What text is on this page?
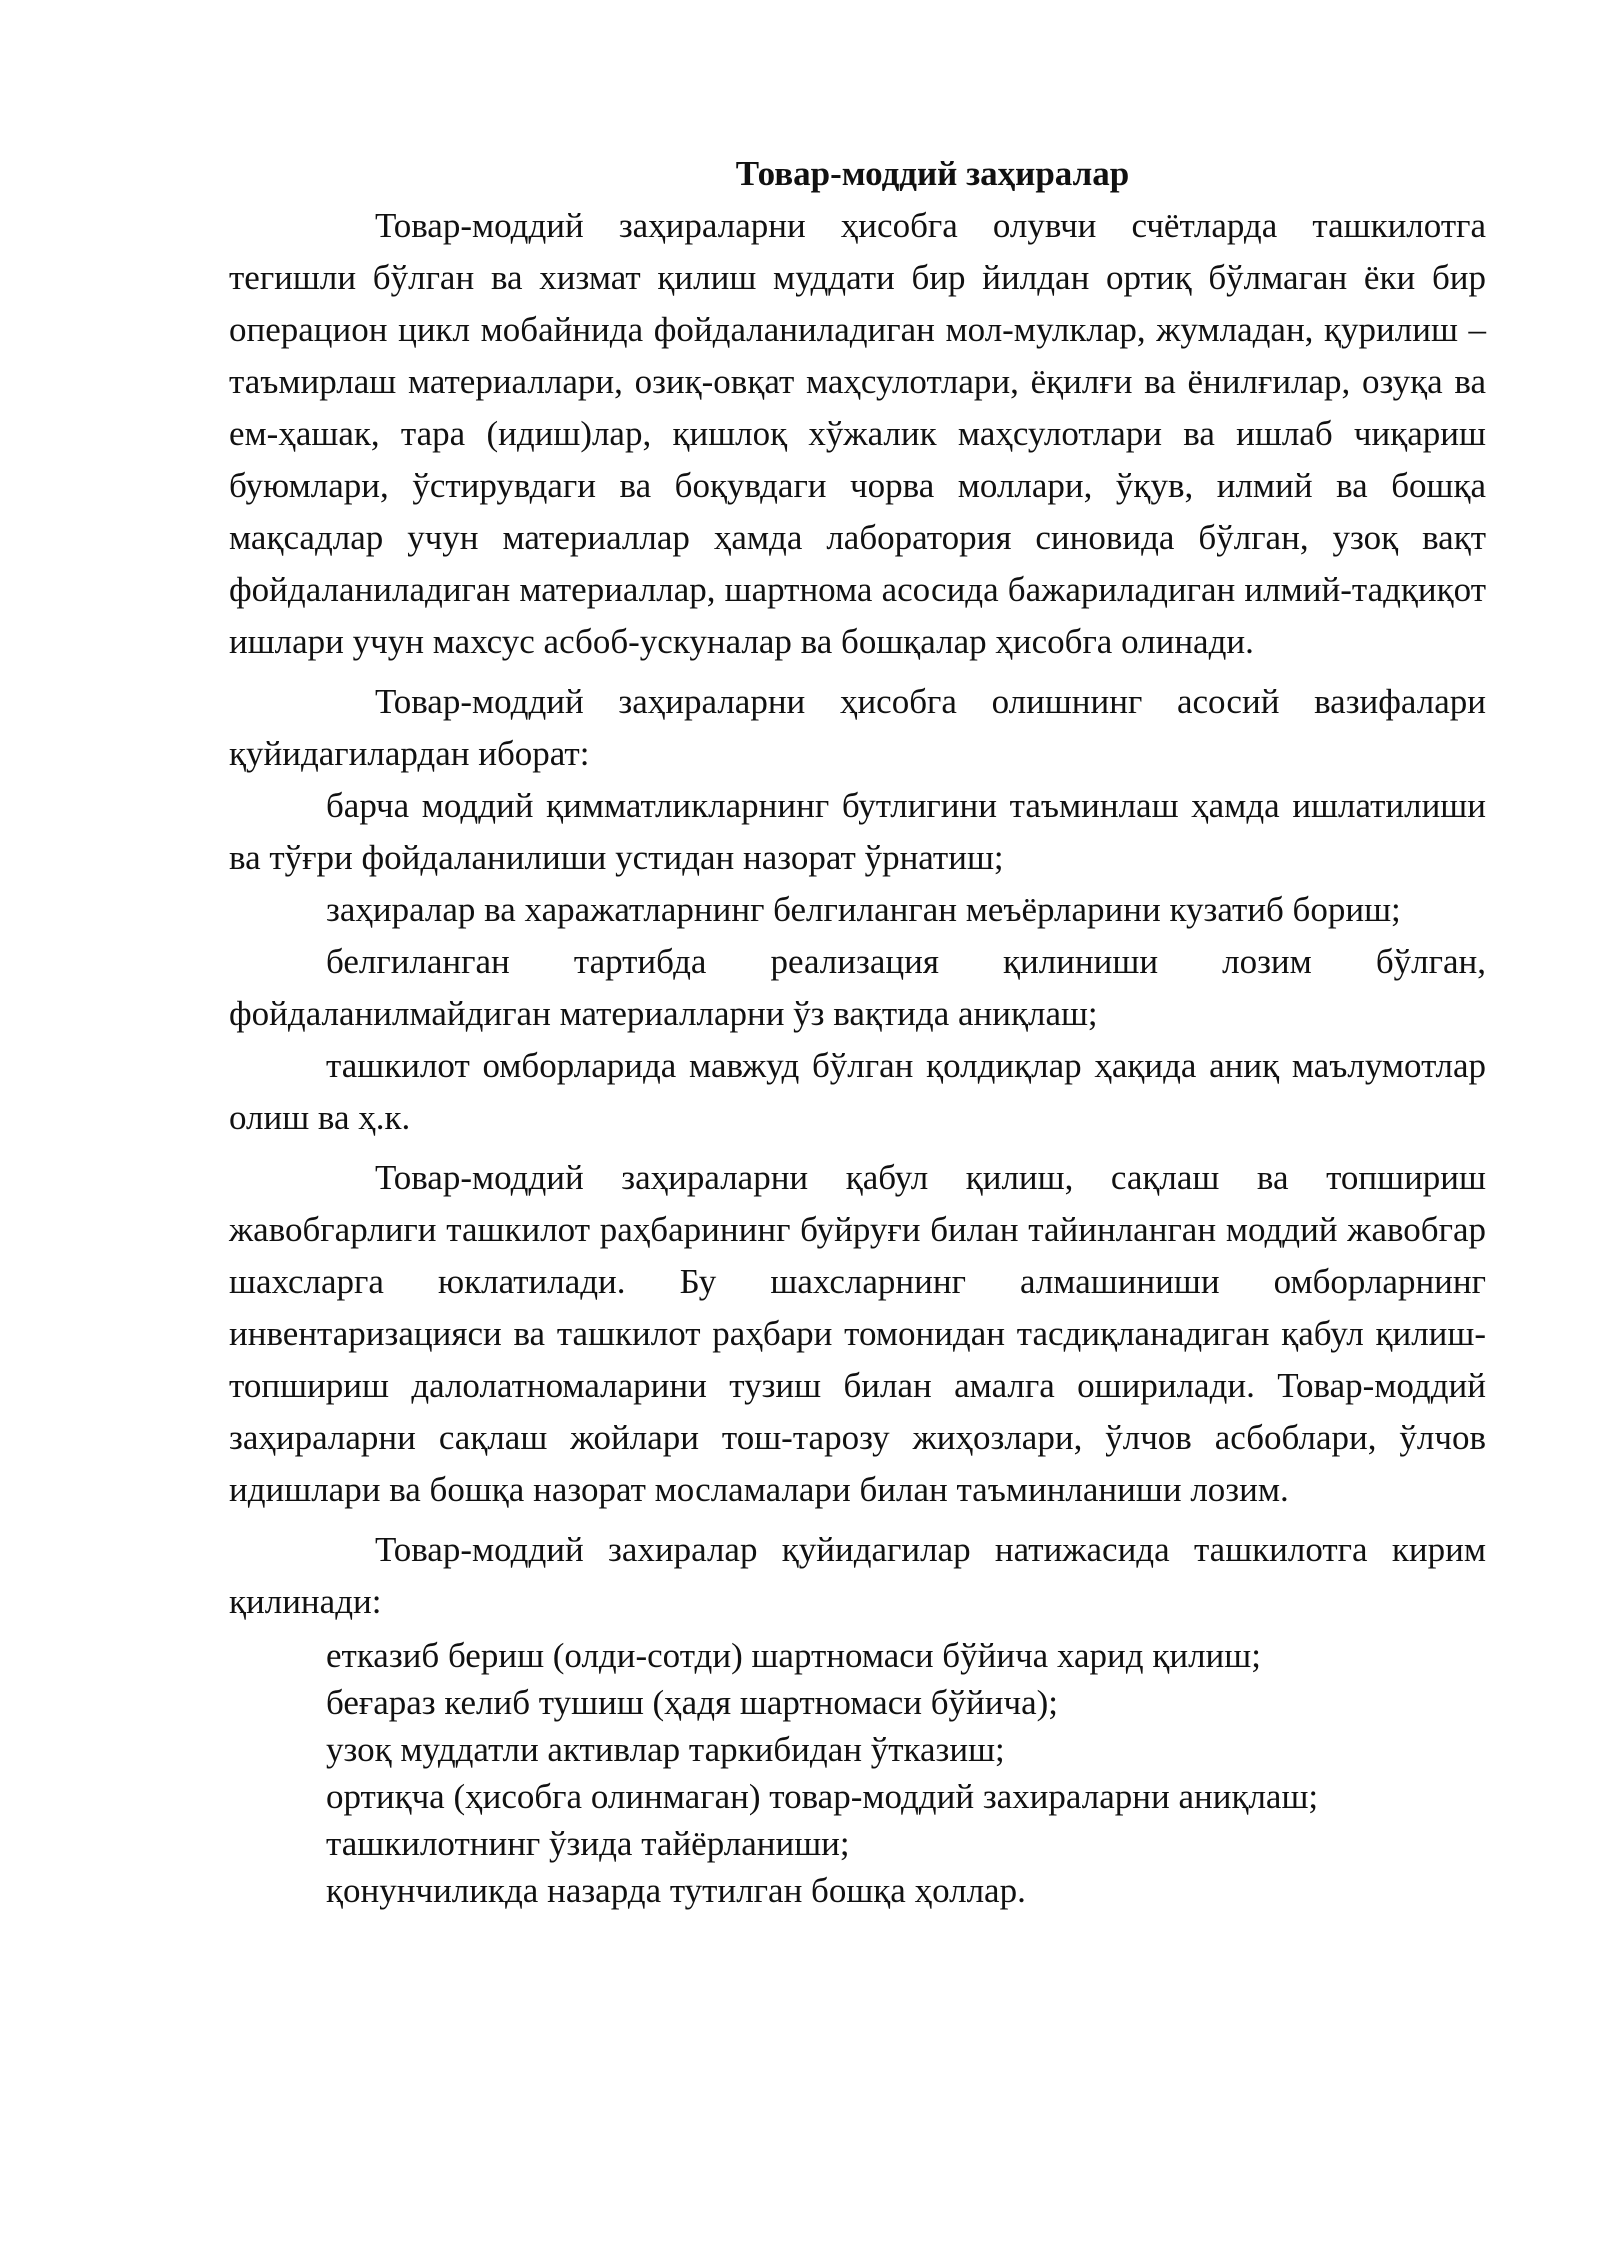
Товар-моддий заҳиралар

Товар-моддий заҳираларни ҳисобга олувчи счётларда ташкилотга тегишли бўлган ва хизмат қилиш муддати бир йилдан ортиқ бўлмаган ёки бир операцион цикл мобайнида фойдаланиладиган мол-мулклар, жумладан, қурилиш – таъмирлаш материаллари, озиқ-овқат маҳсулотлари, ёқилғи ва ёнилғилар, озуқа ва ем-ҳашак, тара (идиш)лар, қишлоқ хўжалик маҳсулотлари ва ишлаб чиқариш буюмлари, ўстирувдаги ва боқувдаги чорва моллари, ўқув, илмий ва бошқа мақсадлар учун материаллар ҳамда лаборатория синовида бўлган, узоқ вақт фойдаланиладиган материаллар, шартнома асосида бажариладиган илмий-тадқиқот ишлари учун махсус асбоб-ускуналар ва бошқалар ҳисобга олинади.

Товар-моддий заҳираларни ҳисобга олишнинг асосий вазифалари қуйидагилардан иборат:

барча моддий қимматликларнинг бутлигини таъминлаш ҳамда ишлатилиши ва тўғри фойдаланилиши устидан назорат ўрнатиш;

заҳиралар ва харажатларнинг белгиланган меъёрларини кузатиб бориш;

белгиланган тартибда реализация қилиниши лозим бўлган, фойдаланилмайдиган материалларни ўз вақтида аниқлаш;

ташкилот омборларида мавжуд бўлган қолдиқлар ҳақида аниқ маълумотлар олиш ва ҳ.к.

Товар-моддий заҳираларни қабул қилиш, сақлаш ва топшириш жавобгарлиги ташкилот раҳбарининг буйруғи билан тайинланган моддий жавобгар шахсларга юклатилади. Бу шахсларнинг алмашиниши омборларнинг инвентаризацияси ва ташкилот раҳбари томонидан тасдиқланадиган қабул қилиш-топшириш далолатномаларини тузиш билан амалга оширилади. Товар-моддий заҳираларни сақлаш жойлари тош-тарозу жиҳозлари, ўлчов асбоблари, ўлчов идишлари ва бошқа назорат мосламалари билан таъминланиши лозим.

Товар-моддий захиралар қуйидагилар натижасида ташкилотга кирим қилинади:

етказиб бериш (олди-сотди) шартномаси бўйича харид қилиш;

беғараз келиб тушиш (ҳадя шартномаси бўйича);

узоқ муддатли активлар таркибидан ўтказиш;

ортиқча (ҳисобга олинмаган) товар-моддий захираларни аниқлаш;

ташкилотнинг ўзида тайёрланиши;

қонунчиликда назарда тутилган бошқа ҳоллар.
